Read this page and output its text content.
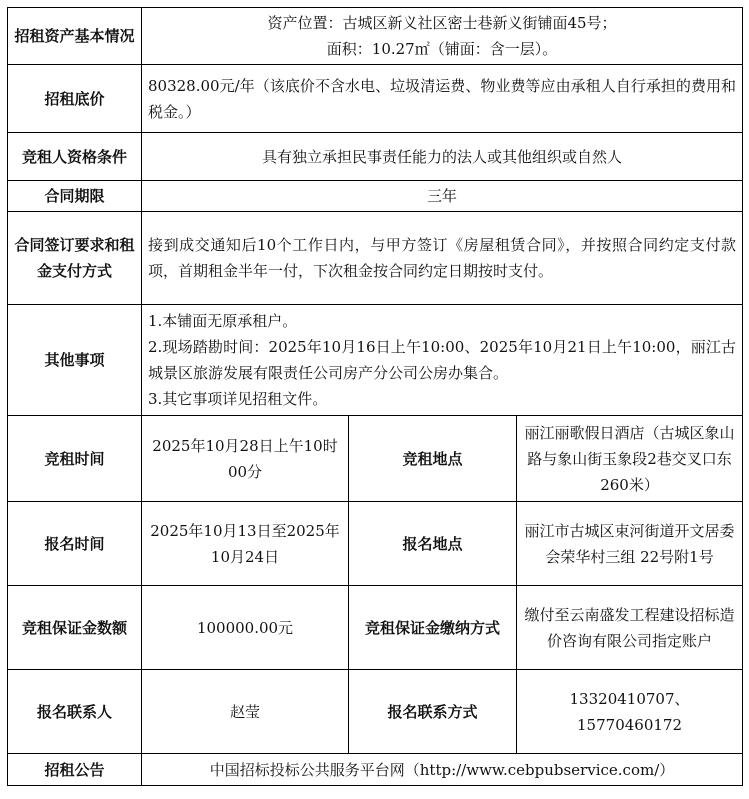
招租资产基本情况	资产位置：古城区新义社区密士巷新义街铺面45号；
面积：10.27㎡（铺面：含一层）。		

招租底价	80328.00元/年（该底价不含水电、垃圾清运费、物业费等应由承租人自行承担的费用和税金。）		
竞租人资格条件	具有独立承担民事责任能力的法人或其他组织或自然人		
合同期限	三年		
合同签订要求和租金支付方式	接到成交通知后10个工作日内，与甲方签订《房屋租赁合同》，并按照合同约定支付款项，首期租金半年一付，下次租金按合同约定日期按时支付。		
其他事项	1.本铺面无原承租户。
2.现场踏勘时间：2025年10月16日上午10:00、2025年10月21日上午10:00，丽江古城景区旅游发展有限责任公司房产分公司公房办集合。
3.其它事项详见招租文件。		

竞租时间	2025年10月28日上午10时00分	竞租地点	丽江丽歌假日酒店（古城区象山路与象山街玉象段2巷交叉口东260米）
报名时间	2025年10月13日至2025年10月24日	报名地点	丽江市古城区束河街道开文居委会荣华村三组 22号附1号
竞租保证金数额	100000.00元	竞租保证金缴纳方式	缴付至云南盛发工程建设招标造价咨询有限公司指定账户
报名联系人	赵莹	报名联系方式	13320410707、
15770460172

招租公告	中国招标投标公共服务平台网（http://www.cebpubservice.com/）		
